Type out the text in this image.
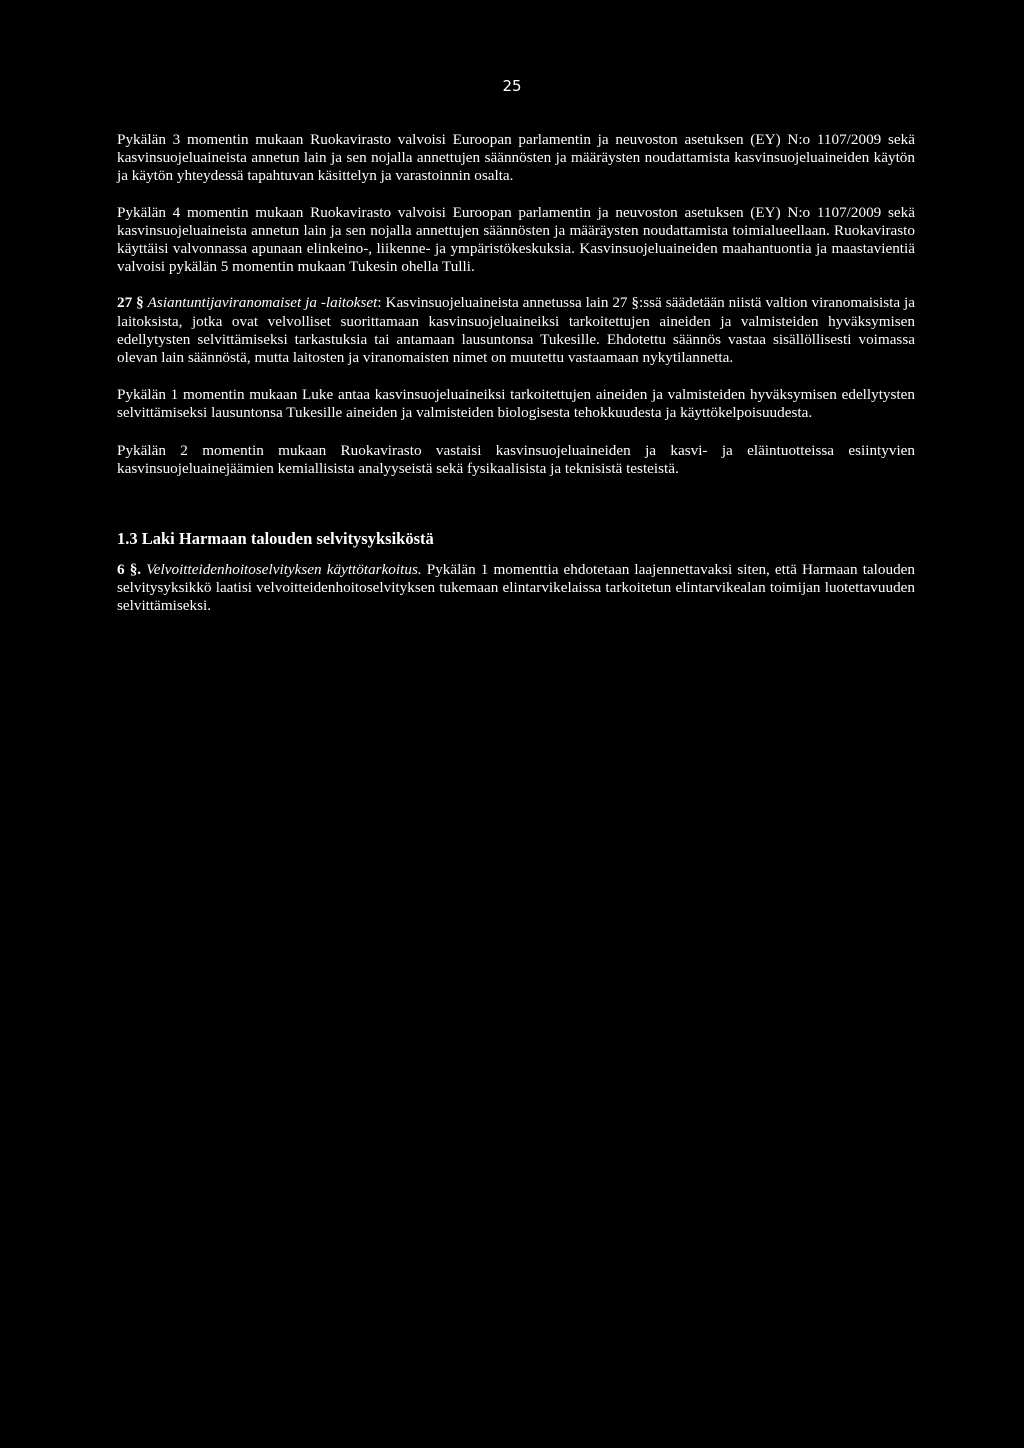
25

Pykälän 3 momentin mukaan Ruokavirasto valvoisi Euroopan parlamentin ja neuvoston asetuksen (EY) N:o 1107/2009 sekä kasvinsuojeluaineista annetun lain ja sen nojalla annettujen säännösten ja määräysten noudattamista kasvinsuojeluaineiden käytön ja käytön yhteydessä tapahtuvan käsittelyn ja varastoinnin osalta.

Pykälän 4 momentin mukaan Ruokavirasto valvoisi Euroopan parlamentin ja neuvoston asetuksen (EY) N:o 1107/2009 sekä kasvinsuojeluaineista annetun lain ja sen nojalla annettujen säännösten ja määräysten noudattamista toimialueellaan. Ruokavirasto käyttäisi valvonnassa apunaan elinkeino-, liikenne- ja ympäristökeskuksia. Kasvinsuojeluaineiden maahantuontia ja maastavientiä valvoisi pykälän 5 momentin mukaan Tukesin ohella Tulli.

27 § Asiantuntijaviranomaiset ja -laitokset: Kasvinsuojeluaineista annetussa lain 27 §:ssä säädetään niistä valtion viranomaisista ja laitoksista, jotka ovat velvolliset suorittamaan kasvinsuojeluaineiksi tarkoitettujen aineiden ja valmisteiden hyväksymisen edellytysten selvittämiseksi tarkastuksia tai antamaan lausuntonsa Tukesille. Ehdotettu säännös vastaa sisällöllisesti voimassa olevan lain säännöstä, mutta laitosten ja viranomaisten nimet on muutettu vastaamaan nykytilannetta.

Pykälän 1 momentin mukaan Luke antaa kasvinsuojeluaineiksi tarkoitettujen aineiden ja valmisteiden hyväksymisen edellytysten selvittämiseksi lausuntonsa Tukesille aineiden ja valmisteiden biologisesta tehokkuudesta ja käyttökelpoisuudesta.

Pykälän 2 momentin mukaan Ruokavirasto vastaisi kasvinsuojeluaineiden ja kasvi- ja eläintuotteissa esiintyvien kasvinsuojeluainejäämien kemiallisista analyyseistä sekä fysikaalisista ja teknisistä testeistä.

1.3 Laki Harmaan talouden selvitysyksiköstä

6 §. Velvoitteidenhoitoselvityksen käyttötarkoitus. Pykälän 1 momenttia ehdotetaan laajennettavaksi siten, että Harmaan talouden selvitysyksikkö laatisi velvoitteidenhoitoselvityksen tukemaan elintarvikelaissa tarkoitetun elintarvikealan toimijan luotettavuuden selvittämiseksi.
